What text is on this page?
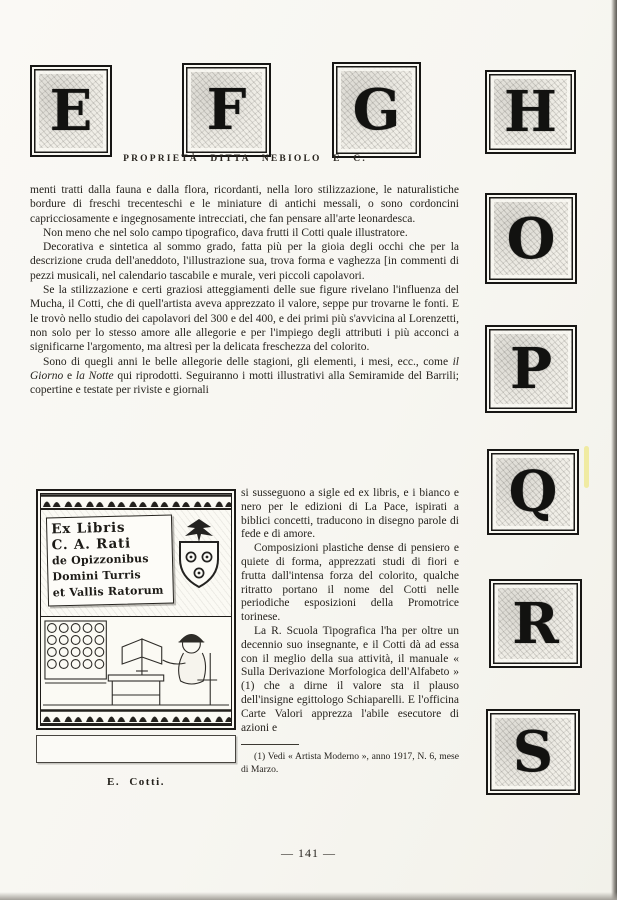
E F G H
O
P
Q
R
S
PROPRIETÀ DITTA NEBIOLO E C.

menti tratti dalla fauna e dalla flora, ricordanti, nella loro stilizzazione, le naturalistiche bordure di freschi trecenteschi e le miniature di antichi messali, o sono cordoncini capricciosamente e ingegnosamente intrecciati, che fan pensare all'arte leonardesca.

Non meno che nel solo campo tipografico, dava frutti il Cotti quale illustratore.

Decorativa e sintetica al sommo grado, fatta più per la gioia degli occhi che per la descrizione cruda dell'aneddoto, l'illustrazione sua, trova forma e vaghezza [in commenti di pezzi musicali, nel calendario tascabile e murale, veri piccoli capolavori.

Se la stilizzazione e certi graziosi atteggiamenti delle sue figure rivelano l'influenza del Mucha, il Cotti, che di quell'artista aveva apprezzato il valore, seppe pur trovarne le fonti. E le trovò nello studio dei capolavori del 300 e del 400, e dei primi più s'avvicina al Lorenzetti, non solo per lo stesso amore alle allegorie e per l'impiego degli attributi i più acconci a significarne l'argomento, ma altresì per la delicata freschezza del colorito.

Sono di quegli anni le belle allegorie delle stagioni, gli elementi, i mesi, ecc., come il Giorno e la Notte qui riprodotti. Seguiranno i motti illustrativi alla Semiramide del Barrili; copertine e testate per riviste e giornali

si susseguono a sigle ed ex libris, e i bianco e nero per le edizioni di La Pace, ispirati a biblici concetti, traducono in disegno parole di fede e di amore.

Composizioni plastiche dense di pensiero e quiete di forma, apprezzati studi di fiori e frutta dall'intensa forza del colorito, qualche ritratto portano il nome del Cotti nelle periodiche esposizioni della Promotrice torinese.

La R. Scuola Tipografica l'ha per oltre un decennio suo insegnante, e il Cotti dà ad essa con il meglio della sua attività, il manuale « Sulla Derivazione Morfologica dell'Alfabeto » (1) che a dirne il valore sta il plauso dell'insigne egittologo Schiaparelli. E l'officina Carte Valori apprezza l'abile esecutore di azioni e

(1) Vedi « Artista Moderno », anno 1917, N. 6, mese di Marzo.

Ex Libris
C. A. Rati
de Opizzonibus
Domini Turris
et Vallis Ratorum
E. Cotti.
— 141 —
